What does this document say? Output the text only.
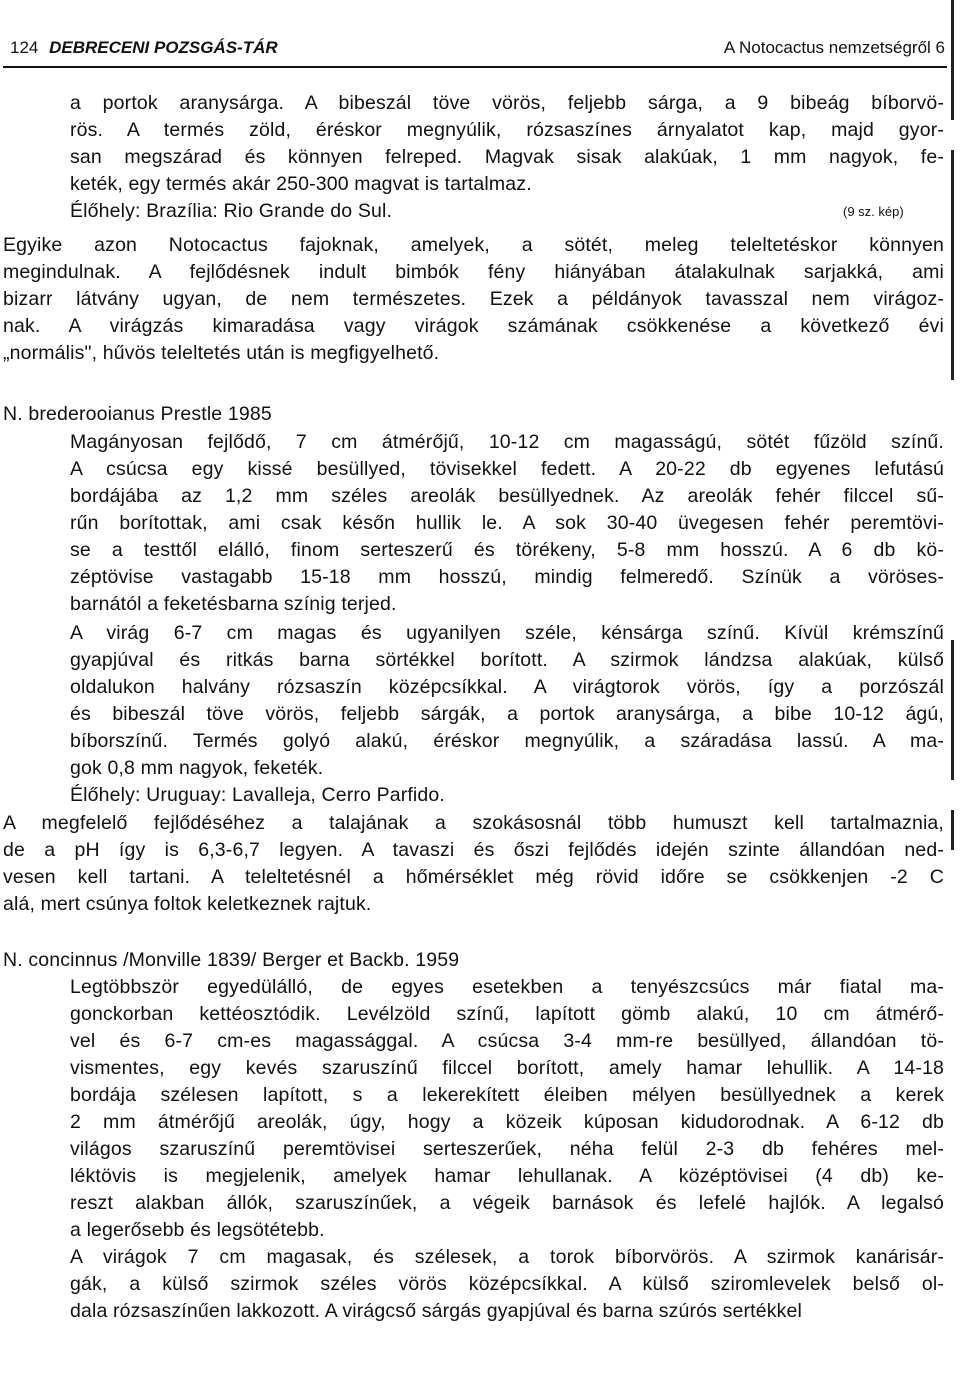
124 DEBRECENI POZSGÁS-TÁR	A Notocactus nemzetségről 6
a portok aranysárga. A bibeszál töve vörös, feljebb sárga, a 9 bibeág bíborvö-
rös. A termés zöld, éréskor megnyúlik, rózsaszínes árnyalatot kap, majd gyor-
san megszárad és könnyen felreped. Magvak sisak alakúak, 1 mm nagyok, fe-
keték, egy termés akár 250-300 magvat is tartalmaz.
Élőhely: Brazília: Rio Grande do Sul.	(9 sz. kép)
Egyike azon Notocactus fajoknak, amelyek, a sötét, meleg teleltetéskor könnyen
megindulnak. A fejlődésnek indult bimbók fény hiányában átalakulnak sarjakká, ami
bizarr látvány ugyan, de nem természetes. Ezek a példányok tavasszal nem virágoz-
nak. A virágzás kimaradása vagy virágok számának csökkenése a következő évi
„normális", hűvös teleltetés után is megfigyelhető.
N. brederooianus Prestle 1985
Magányosan fejlődő, 7 cm átmérőjű, 10-12 cm magasságú, sötét fűzöld színű.
A csúcsa egy kissé besüllyed, tövisekkel fedett. A 20-22 db egyenes lefutású
bordájába az 1,2 mm széles areolák besüllyednek. Az areolák fehér filccel sű-
rűn borítottak, ami csak későn hullik le. A sok 30-40 üvegesen fehér peremtövi-
se a testtől elálló, finom serteszerű és törékeny, 5-8 mm hosszú. A 6 db kö-
zéptövise vastagabb 15-18 mm hosszú, mindig felmeredő. Színük a vöröses-
barnától a feketésbarna színig terjed.
A virág 6-7 cm magas és ugyanilyen széle, kénsárga színű. Kívül krémszínű
gyapjúval és ritkás barna sörtékkel borított. A szirmok lándzsa alakúak, külső
oldalukon halvány rózsaszín középcsíkkal. A virágtorok vörös, így a porzószál
és bibeszál töve vörös, feljebb sárgák, a portok aranysárga, a bibe 10-12 ágú,
bíborszínű. Termés golyó alakú, éréskor megnyúlik, a száradása lassú. A ma-
gok 0,8 mm nagyok, feketék.
Élőhely: Uruguay: Lavalleja, Cerro Parfido.
A megfelelő fejlődéséhez a talajának a szokásosnál több humuszt kell tartalmaznia,
de a pH így is 6,3-6,7 legyen. A tavaszi és őszi fejlődés idején szinte állandóan ned-
vesen kell tartani. A teleltetésnél a hőmérséklet még rövid időre se csökkenjen -2 C
alá, mert csúnya foltok keletkeznek rajtuk.
N. concinnus /Monville 1839/ Berger et Backb. 1959
Legtöbbször egyedülálló, de egyes esetekben a tenyészcsúcs már fiatal ma-
gonckorban kettéosztódik. Levélzöld színű, lapított gömb alakú, 10 cm átmérő-
vel és 6-7 cm-es magassággal. A csúcsa 3-4 mm-re besüllyed, állandóan tö-
vismentes, egy kevés szaruszínű filccel borított, amely hamar lehullik. A 14-18
bordája szélesen lapított, s a lekerekített éleiben mélyen besüllyednek a kerek
2 mm átmérőjű areolák, úgy, hogy a közeik kúposan kidudorodnak. A 6-12 db
világos szaruszínű peremtövisei serteszerűek, néha felül 2-3 db fehéres mel-
léktövis is megjelenik, amelyek hamar lehullanak. A középtövisei (4 db) ke-
reszt alakban állók, szaruszínűek, a végeik barnások és lefelé hajlók. A legalsó
a legerősebb és legsötétebb.
A virágok 7 cm magasak, és szélesek, a torok bíborvörös. A szirmok kanárisár-
gák, a külső szirmok széles vörös középcsíkkal. A külső sziromlevelek belső ol-
dala rózsaszínűen lakkozott. A virágcső sárgás gyapjúval és barna szúrós sertékkel
